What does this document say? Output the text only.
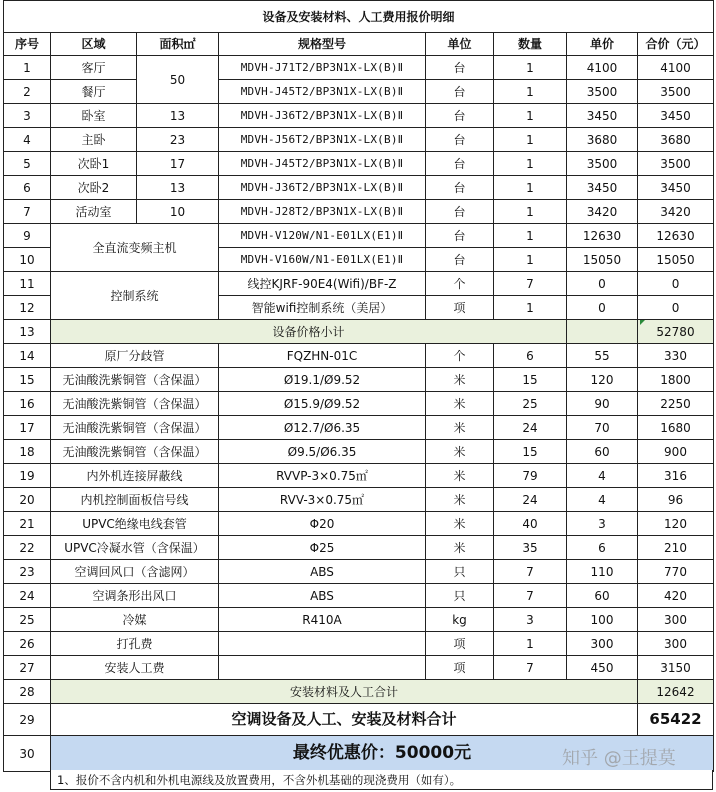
设备及安装材料、人工费用报价明细							
序号	区域	面积㎡	规格型号	单位	数量	单价	合价（元）
1	客厅	50	MDVH-J71T2/BP3N1X-LX(B)Ⅱ	台	1	4100	4100
2	餐厅		MDVH-J45T2/BP3N1X-LX(B)Ⅱ	台	1	3500	3500
3	卧室	13	MDVH-J36T2/BP3N1X-LX(B)Ⅱ	台	1	3450	3450
4	主卧	23	MDVH-J56T2/BP3N1X-LX(B)Ⅱ	台	1	3680	3680
5	次卧1	17	MDVH-J45T2/BP3N1X-LX(B)Ⅱ	台	1	3500	3500
6	次卧2	13	MDVH-J36T2/BP3N1X-LX(B)Ⅱ	台	1	3450	3450
7	活动室	10	MDVH-J28T2/BP3N1X-LX(B)Ⅱ	台	1	3420	3420
9	全直流变频主机		MDVH-V120W/N1-E01LX(E1)Ⅱ	台	1	12630	12630
10			MDVH-V160W/N1-E01LX(E1)Ⅱ	台	1	15050	15050
11	控制系统		线控KJRF-90E4(Wifi)/BF-Z	个	7	0	0
12			智能wifi控制系统（美居）	项	1	0	0
13	设备价格小计						52780
14	原厂分歧管		FQZHN-01C	个	6	55	330
15	无油酸洗紫铜管（含保温）		Ø19.1/Ø9.52	米	15	120	1800
16	无油酸洗紫铜管（含保温）		Ø15.9/Ø9.52	米	25	90	2250
17	无油酸洗紫铜管（含保温）		Ø12.7/Ø6.35	米	24	70	1680
18	无油酸洗紫铜管（含保温）		Ø9.5/Ø6.35	米	15	60	900
19	内外机连接屏蔽线		RVVP-3×0.75㎡	米	79	4	316
20	内机控制面板信号线		RVV-3×0.75㎡	米	24	4	96
21	UPVC绝缘电线套管		Φ20	米	40	3	120
22	UPVC冷凝水管（含保温）		Φ25	米	35	6	210
23	空调回风口（含滤网）		ABS	只	7	110	770
24	空调条形出风口		ABS	只	7	60	420
25	冷媒		R410A	kg	3	100	300
26	打孔费			项	1	300	300
27	安装人工费			项	7	450	3150
28	安装材料及人工合计						12642
29	空调设备及人工、安装及材料合计						65422
30	最终优惠价：50000元						
1、报价不含内机和外机电源线及放置费用，不含外机基础的现浇费用（如有）。
知乎 @王提莫
